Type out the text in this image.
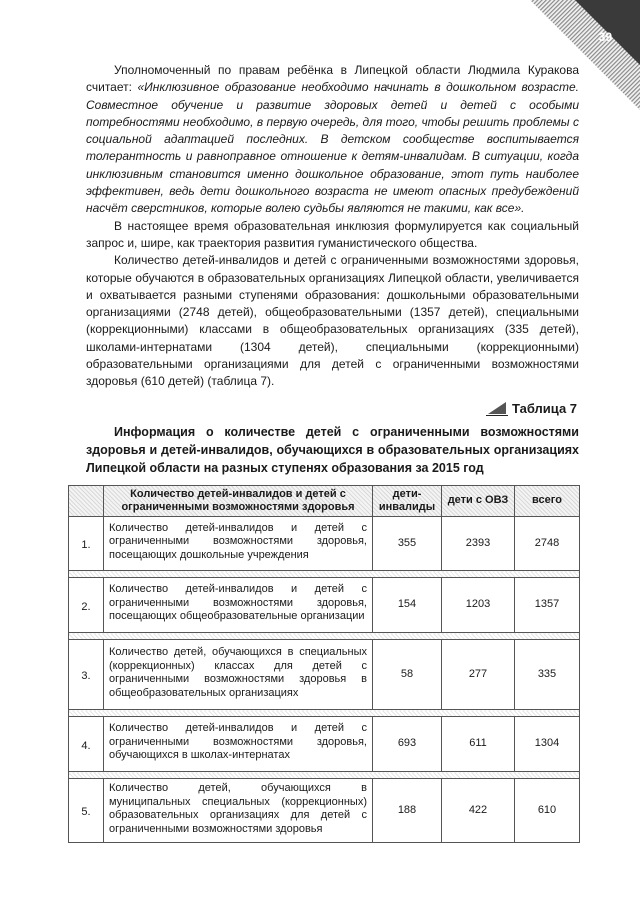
39

Уполномоченный по правам ребёнка в Липецкой области Людмила Куракова считает: «Инклюзивное образование необходимо начинать в дошкольном возрасте. Совместное обучение и развитие здоровых детей и детей с особыми потребностями необходимо, в первую очередь, для того, чтобы решить проблемы с социальной адаптацией последних. В детском сообществе воспитывается толерантность и равноправное отношение к детям-инвалидам. В ситуации, когда инклюзивным становится именно дошкольное образование, этот путь наиболее эффективен, ведь дети дошкольного возраста не имеют опасных предубеждений насчёт сверстников, которые волею судьбы являются не такими, как все».

В настоящее время образовательная инклюзия формулируется как социальный запрос и, шире, как траектория развития гуманистического общества.

Количество детей-инвалидов и детей с ограниченными возможностями здоровья, которые обучаются в образовательных организациях Липецкой области, увеличивается и охватывается разными ступенями образования: дошкольными образовательными организациями (2748 детей), общеобразовательными (1357 детей), специальными (коррекционными) классами в общеобразовательных организациях (335 детей), школами-интернатами (1304 детей), специальными (коррекционными) образовательными организациями для детей с ограниченными возможностями здоровья (610 детей) (таблица 7).

Таблица 7
Информация о количестве детей с ограниченными возможностями здоровья и детей-инвалидов, обучающихся в образовательных организациях Липецкой области на разных ступенях образования за 2015 год
	Количество детей-инвалидов и детей с ограниченными возможностями здоровья	дети-инвалиды	дети с ОВЗ	всего
1.	Количество детей-инвалидов и детей с ограниченными возможностями здоровья, посещающих дошкольные учреждения	355	2393	2748

2.	Количество детей-инвалидов и детей с ограниченными возможностями здоровья, посещающих общеобразовательные организации	154	1203	1357

3.	Количество детей, обучающихся в специальных (коррекционных) классах для детей с ограниченными возможностями здоровья в общеобразовательных организациях	58	277	335

4.	Количество детей-инвалидов и детей с ограниченными возможностями здоровья, обучающихся в школах-интернатах	693	611	1304

5.	Количество детей, обучающихся в муниципальных специальных (коррекционных) образовательных организациях для детей с ограниченными возможностями здоровья	188	422	610
